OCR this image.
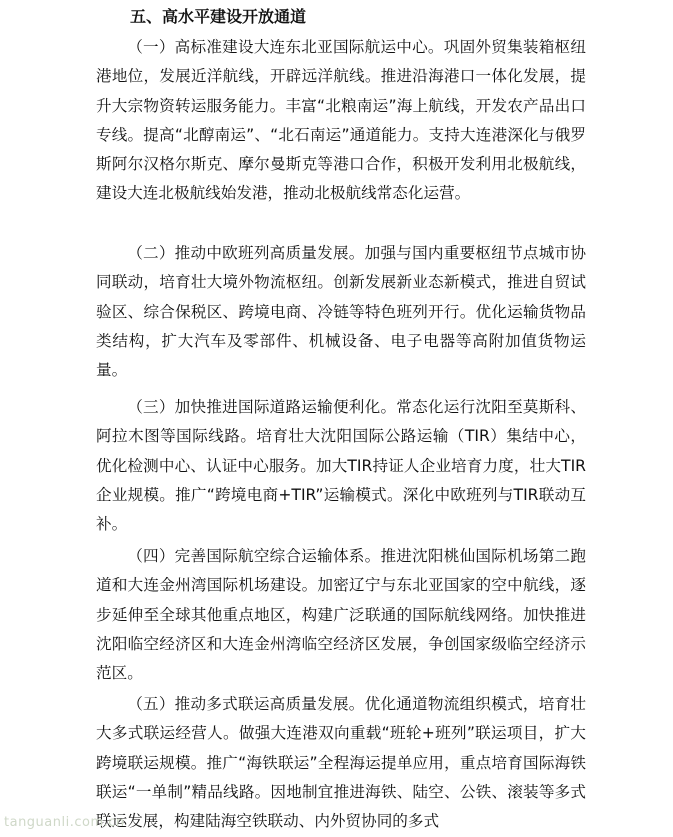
五、高水平建设开放通道

（一）高标准建设大连东北亚国际航运中心。巩固外贸集装箱枢纽港地位，发展近洋航线，开辟远洋航线。推进沿海港口一体化发展，提升大宗物资转运服务能力。丰富“北粮南运”海上航线，开发农产品出口专线。提高“北醇南运”、“北石南运”通道能力。支持大连港深化与俄罗斯阿尔汉格尔斯克、摩尔曼斯克等港口合作，积极开发利用北极航线，建设大连北极航线始发港，推动北极航线常态化运营。

（二）推动中欧班列高质量发展。加强与国内重要枢纽节点城市协同联动，培育壮大境外物流枢纽。创新发展新业态新模式，推进自贸试验区、综合保税区、跨境电商、冷链等特色班列开行。优化运输货物品类结构，扩大汽车及零部件、机械设备、电子电器等高附加值货物运量。

（三）加快推进国际道路运输便利化。常态化运行沈阳至莫斯科、阿拉木图等国际线路。培育壮大沈阳国际公路运输（TIR）集结中心，优化检测中心、认证中心服务。加大TIR持证人企业培育力度，壮大TIR企业规模。推广“跨境电商+TIR”运输模式。深化中欧班列与TIR联动互补。

（四）完善国际航空综合运输体系。推进沈阳桃仙国际机场第二跑道和大连金州湾国际机场建设。加密辽宁与东北亚国家的空中航线，逐步延伸至全球其他重点地区，构建广泛联通的国际航线网络。加快推进沈阳临空经济区和大连金州湾临空经济区发展，争创国家级临空经济示范区。

（五）推动多式联运高质量发展。优化通道物流组织模式，培育壮大多式联运经营人。做强大连港双向重载“班轮+班列”联运项目，扩大跨境联运规模。推广“海铁联运”全程海运提单应用，重点培育国际海铁联运“一单制”精品线路。因地制宜推进海铁、陆空、公铁、滚装等多式联运发展，构建陆海空铁联动、内外贸协同的多式

tanguanli.com.cn
